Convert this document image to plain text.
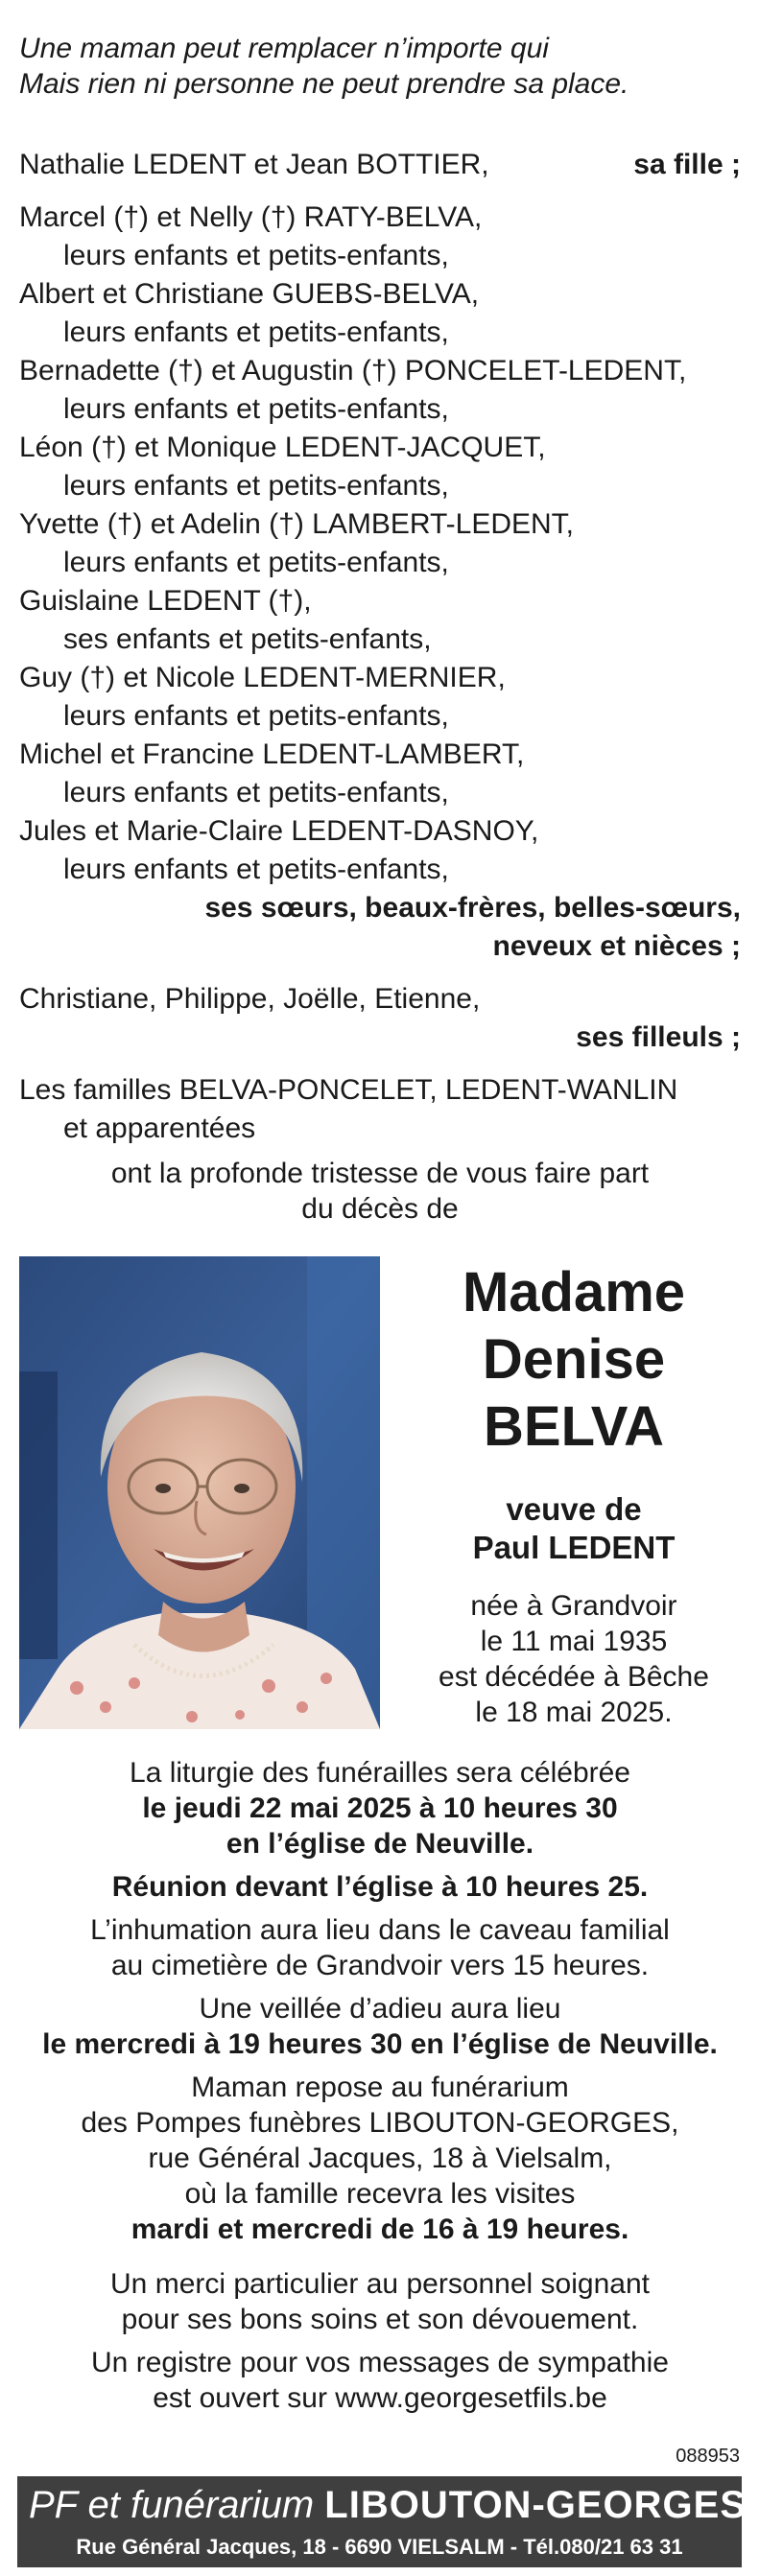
Une maman peut remplacer n’importe qui
Mais rien ni personne ne peut prendre sa place.
Nathalie LEDENT et Jean BOTTIER,	sa fille ;
Marcel (†) et Nelly (†) RATY-BELVA,
leurs enfants et petits-enfants,
Albert et Christiane GUEBS-BELVA,
leurs enfants et petits-enfants,
Bernadette (†) et Augustin (†) PONCELET-LEDENT,
leurs enfants et petits-enfants,
Léon (†) et Monique LEDENT-JACQUET,
leurs enfants et petits-enfants,
Yvette (†) et Adelin (†) LAMBERT-LEDENT,
leurs enfants et petits-enfants,
Guislaine LEDENT (†),
ses enfants et petits-enfants,
Guy (†) et Nicole LEDENT-MERNIER,
leurs enfants et petits-enfants,
Michel et Francine LEDENT-LAMBERT,
leurs enfants et petits-enfants,
Jules et Marie-Claire LEDENT-DASNOY,
leurs enfants et petits-enfants,
ses sœurs, beaux-frères, belles-sœurs,
neveux et nièces ;
Christiane, Philippe, Joëlle, Etienne,
ses filleuls ;
Les familles BELVA-PONCELET, LEDENT-WANLIN
et apparentées
ont la profonde tristesse de vous faire part
du décès de
Madame
Denise
BELVA
veuve de
Paul LEDENT
née à Grandvoir
le 11 mai 1935
est décédée à Bêche
le 18 mai 2025.
La liturgie des funérailles sera célébrée
le jeudi 22 mai 2025 à 10 heures 30
en l’église de Neuville.
Réunion devant l’église à 10 heures 25.
L’inhumation aura lieu dans le caveau familial
au cimetière de Grandvoir vers 15 heures.
Une veillée d’adieu aura lieu
le mercredi à 19 heures 30 en l’église de Neuville.
Maman repose au funérarium
des Pompes funèbres LIBOUTON-GEORGES,
rue Général Jacques, 18 à Vielsalm,
où la famille recevra les visites
mardi et mercredi de 16 à 19 heures.
Un merci particulier au personnel soignant
pour ses bons soins et son dévouement.
Un registre pour vos messages de sympathie
est ouvert sur www.georgesetfils.be
088953
PF et funérarium LIBOUTON-GEORGES
Rue Général Jacques, 18 - 6690 VIELSALM - Tél.080/21 63 31
